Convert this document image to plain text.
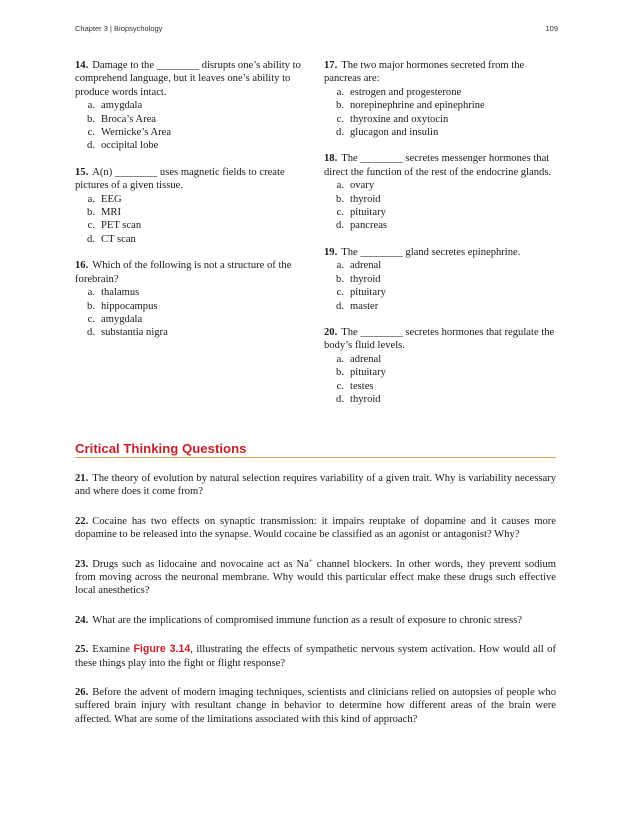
Chapter 3 | Biopsychology	109

14. Damage to the ________ disrupts one’s ability to comprehend language, but it leaves one’s ability to produce words intact.

a. amygdala
b. Broca’s Area
c. Wernicke’s Area
d. occipital lobe

15. A(n) ________ uses magnetic fields to create pictures of a given tissue.

a. EEG
b. MRI
c. PET scan
d. CT scan

16. Which of the following is not a structure of the forebrain?

a. thalamus
b. hippocampus
c. amygdala
d. substantia nigra

17. The two major hormones secreted from the pancreas are:

a. estrogen and progesterone
b. norepinephrine and epinephrine
c. thyroxine and oxytocin
d. glucagon and insulin

18. The ________ secretes messenger hormones that direct the function of the rest of the endocrine glands.

a. ovary
b. thyroid
c. pituitary
d. pancreas

19. The ________ gland secretes epinephrine.

a. adrenal
b. thyroid
c. pituitary
d. master

20. The ________ secretes hormones that regulate the body’s fluid levels.

a. adrenal
b. pituitary
c. testes
d. thyroid
Critical Thinking Questions

21. The theory of evolution by natural selection requires variability of a given trait. Why is variability necessary and where does it come from?

22. Cocaine has two effects on synaptic transmission: it impairs reuptake of dopamine and it causes more dopamine to be released into the synapse. Would cocaine be classified as an agonist or antagonist? Why?

23. Drugs such as lidocaine and novocaine act as Na+ channel blockers. In other words, they prevent sodium from moving across the neuronal membrane. Why would this particular effect make these drugs such effective local anesthetics?

24. What are the implications of compromised immune function as a result of exposure to chronic stress?

25. Examine Figure 3.14, illustrating the effects of sympathetic nervous system activation. How would all of these things play into the fight or flight response?

26. Before the advent of modern imaging techniques, scientists and clinicians relied on autopsies of people who suffered brain injury with resultant change in behavior to determine how different areas of the brain were affected. What are some of the limitations associated with this kind of approach?
